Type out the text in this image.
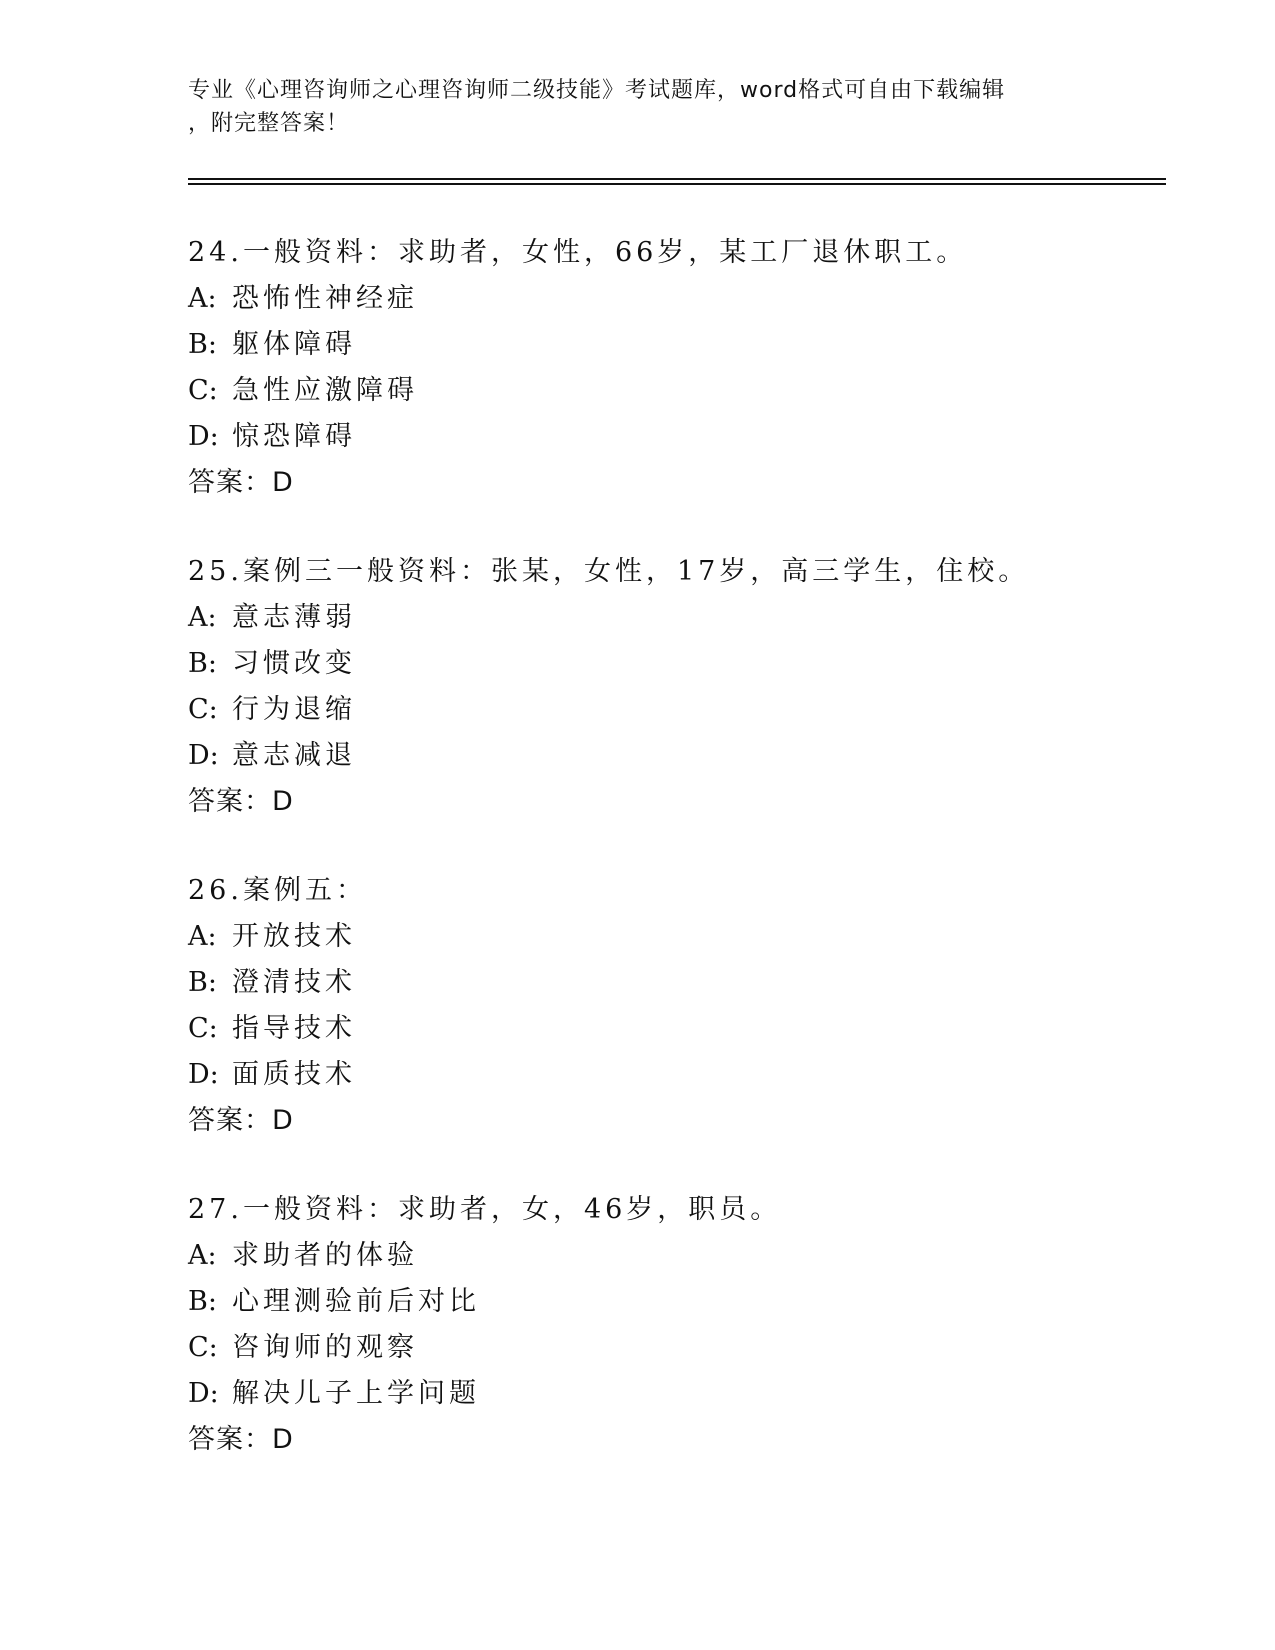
专业《心理咨询师之心理咨询师二级技能》考试题库，word格式可自由下载编辑

，附完整答案！

24.一般资料：求助者，女性，66岁，某工厂退休职工。
A: 恐怖性神经症
B: 躯体障碍
C: 急性应激障碍
D: 惊恐障碍
答案：D
25.案例三一般资料：张某，女性，17岁，高三学生，住校。
A: 意志薄弱
B: 习惯改变
C: 行为退缩
D: 意志减退
答案：D
26.案例五：
A: 开放技术
B: 澄清技术
C: 指导技术
D: 面质技术
答案：D
27.一般资料：求助者，女，46岁，职员。
A: 求助者的体验
B: 心理测验前后对比
C: 咨询师的观察
D: 解决儿子上学问题
答案：D
